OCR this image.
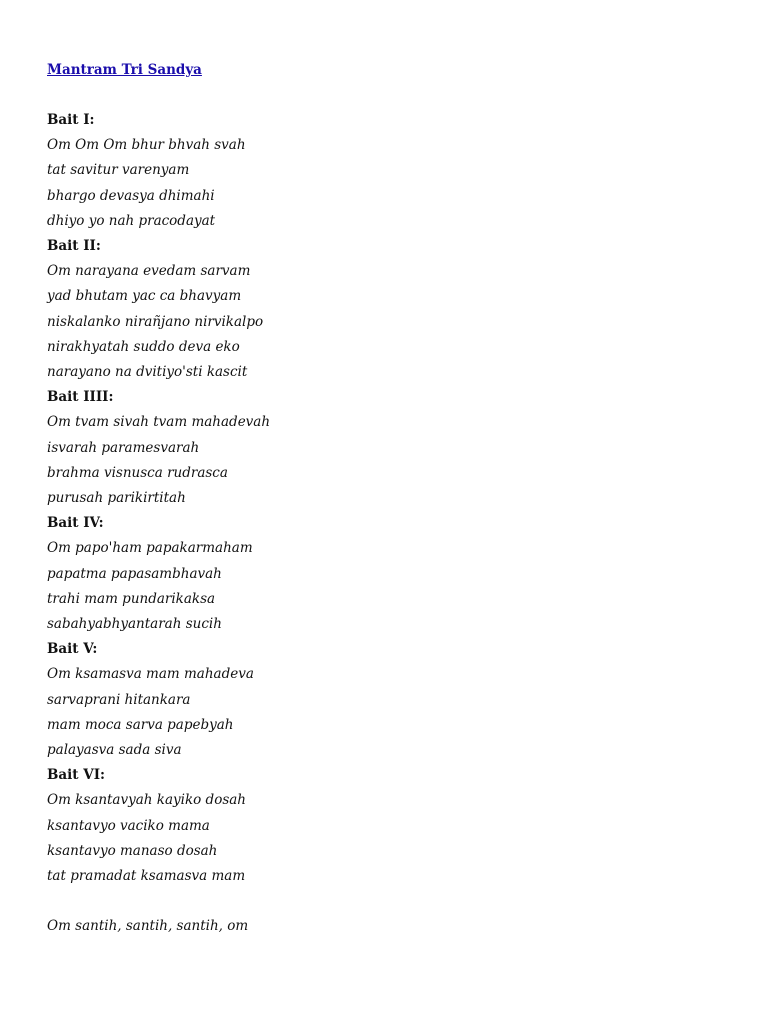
Mantram Tri Sandya
Bait I:
Om Om Om bhur bhvah svah
tat savitur varenyam
bhargo devasya dhimahi
dhiyo yo nah pracodayat
Bait II:
Om narayana evedam sarvam
yad bhutam yac ca bhavyam
niskalanko nirañjano nirvikalpo
nirakhyatah suddo deva eko
narayano na dvitiyo'sti kascit
Bait IIII:
Om tvam sivah tvam mahadevah
isvarah paramesvarah
brahma visnusca rudrasca
purusah parikirtitah
Bait IV:
Om papo'ham papakarmaham
papatma papasambhavah
trahi mam pundarikaksa
sabahyabhyantarah sucih
Bait V:
Om ksamasva mam mahadeva
sarvaprani hitankara
mam moca sarva papebyah
palayasva sada siva
Bait VI:
Om ksantavyah kayiko dosah
ksantavyo vaciko mama
ksantavyo manaso dosah
tat pramadat ksamasva mam
Om santih, santih, santih, om
